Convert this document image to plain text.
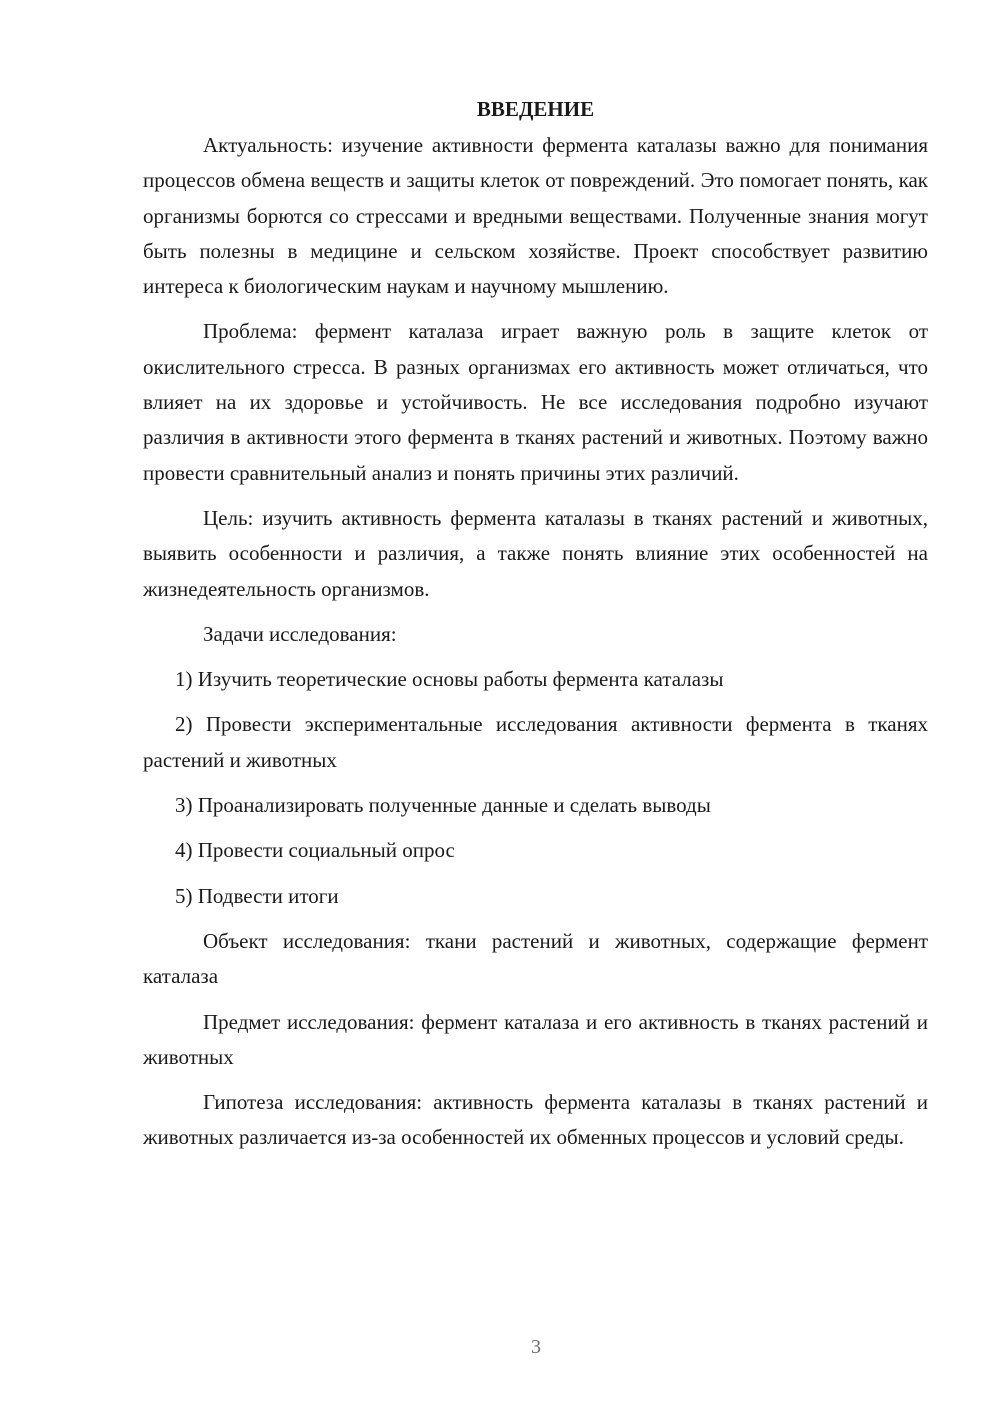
ВВЕДЕНИЕ

Актуальность: изучение активности фермента каталазы важно для понимания процессов обмена веществ и защиты клеток от повреждений. Это помогает понять, как организмы борются со стрессами и вредными веществами. Полученные знания могут быть полезны в медицине и сельском хозяйстве. Проект способствует развитию интереса к биологическим наукам и научному мышлению.

Проблема: фермент каталаза играет важную роль в защите клеток от окислительного стресса. В разных организмах его активность может отличаться, что влияет на их здоровье и устойчивость. Не все исследования подробно изучают различия в активности этого фермента в тканях растений и животных. Поэтому важно провести сравнительный анализ и понять причины этих различий.

Цель: изучить активность фермента каталазы в тканях растений и животных, выявить особенности и различия, а также понять влияние этих особенностей на жизнедеятельность организмов.

Задачи исследования:

1) Изучить теоретические основы работы фермента каталазы

2) Провести экспериментальные исследования активности фермента в тканях растений и животных

3) Проанализировать полученные данные и сделать выводы

4) Провести социальный опрос

5) Подвести итоги

Объект исследования: ткани растений и животных, содержащие фермент каталаза

Предмет исследования: фермент каталаза и его активность в тканях растений и животных

Гипотеза исследования: активность фермента каталазы в тканях растений и животных различается из-за особенностей их обменных процессов и условий среды.

3
